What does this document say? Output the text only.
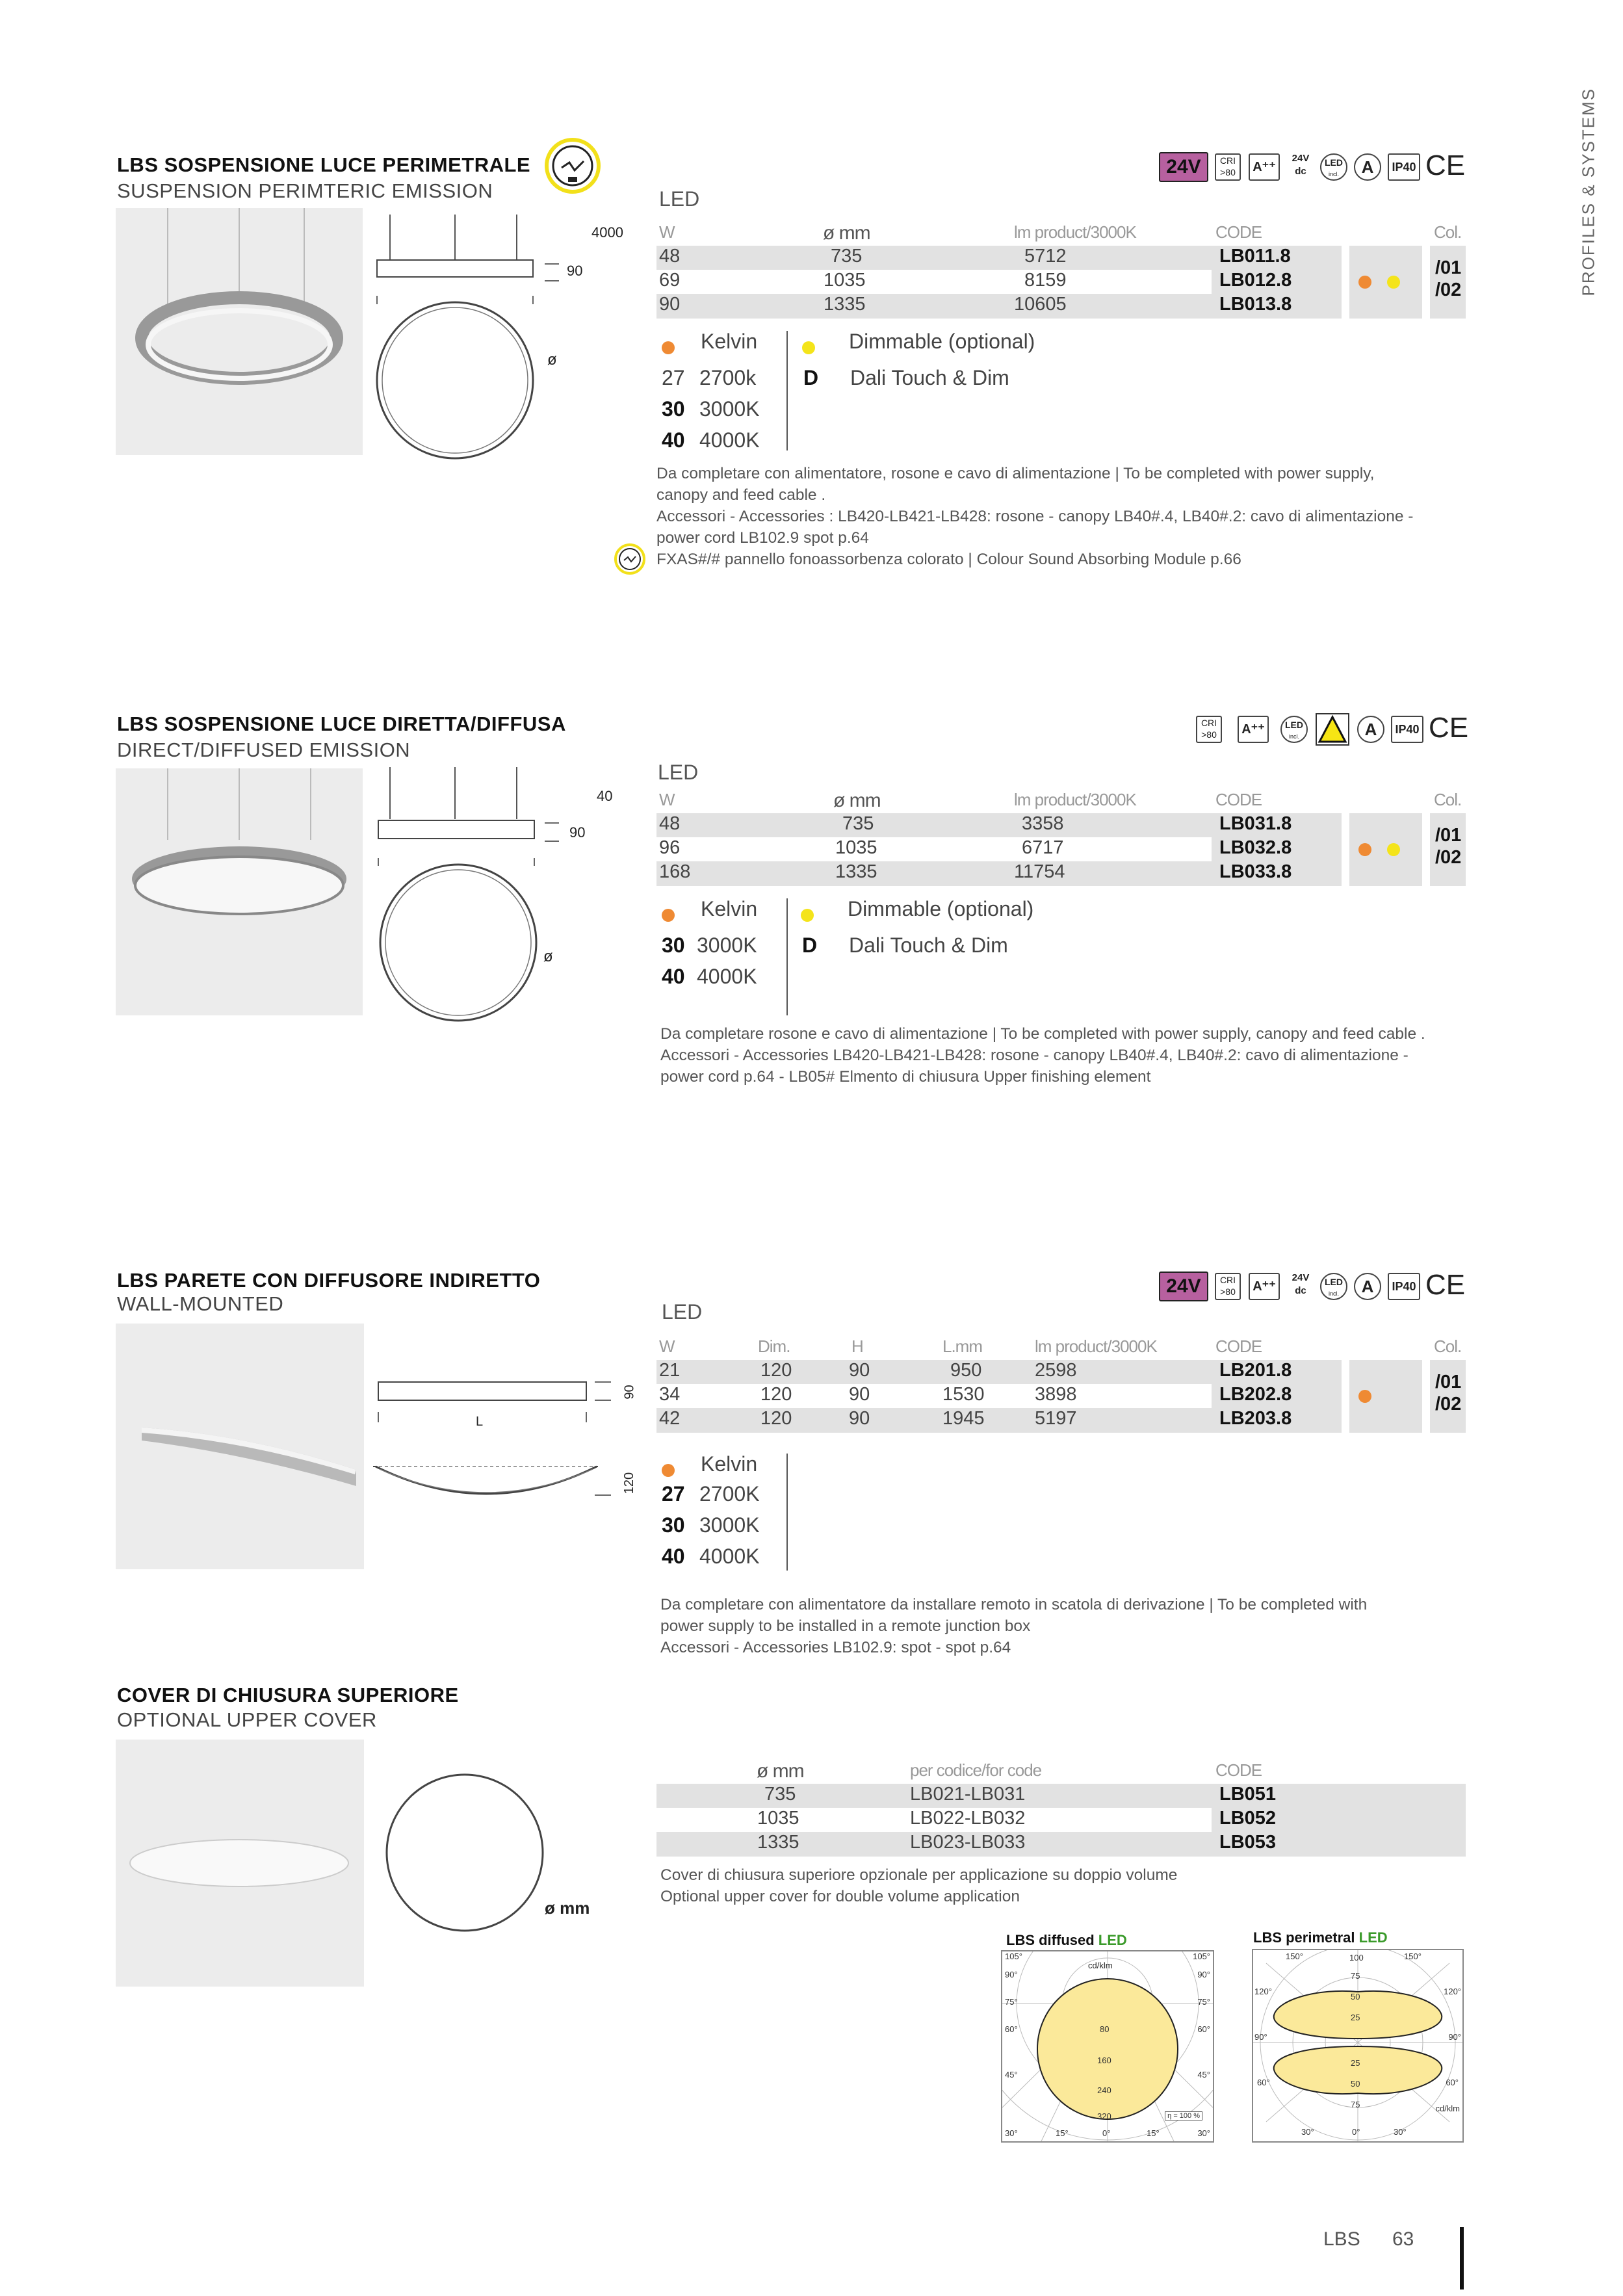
PROFILES & SYSTEMS
LBS SOSPENSIONE LUCE PERIMETRALE
SUSPENSION PERIMTERIC EMISSION
4000
90
ø
24V	CRI
>80	A⁺⁺
24V
dc
LED
incl.	A	IP40 CE
LED
W	ø mm	lm product/3000K	CODE	Col.
48	735	5712	LB011.8
69	1035	8159	LB012.8
90	1335	10605	LB013.8
/01
/02
Kelvin
27 2700k
30 3000K
40 4000K
Dimmable (optional)
D Dali Touch & Dim
Da completare con alimentatore, rosone e cavo di alimentazione | To be completed with power supply,
canopy and feed cable .
Accessori - Accessories : LB420-LB421-LB428: rosone - canopy LB40#.4, LB40#.2: cavo di alimentazione -
power cord LB102.9 spot p.64
FXAS#/# pannello fonoassorbenza colorato | Colour Sound Absorbing Module p.66
LBS SOSPENSIONE LUCE DIRETTA/DIFFUSA
DIRECT/DIFFUSED EMISSION
40
90
ø
CRI
>80	A⁺⁺	LED
incl.	A	IP40 CE
LED
W	ø mm	lm product/3000K	CODE	Col.
48	735	3358	LB031.8
96	1035	6717	LB032.8
168	1335	11754	LB033.8
/01
/02
Kelvin
30 3000K
40 4000K
Dimmable (optional)
D Dali Touch & Dim
Da completare rosone e cavo di alimentazione | To be completed with power supply, canopy and feed cable .
Accessori - Accessories LB420-LB421-LB428: rosone - canopy LB40#.4, LB40#.2: cavo di alimentazione -
power cord p.64 - LB05# Elmento di chiusura Upper finishing element
LBS PARETE CON DIFFUSORE INDIRETTO
WALL-MOUNTED
L
90
120
24V	CRI
>80	A⁺⁺
24V
dc
LED
incl.	A	IP40 CE
LED
W	Dim.	H	L.mm	lm product/3000K	CODE	Col.
21	120	90	950	2598	LB201.8
34	120	90	1530	3898	LB202.8
42	120	90	1945	5197	LB203.8
/01
/02
Kelvin
27 2700K
30 3000K
40 4000K
Da completare con alimentatore da installare remoto in scatola di derivazione | To be completed with
power supply to be installed in a remote junction box
Accessori - Accessories LB102.9: spot - spot p.64
COVER DI CHIUSURA SUPERIORE
OPTIONAL UPPER COVER
ø mm
ø mm	per codice/for code	CODE
735	LB021-LB031	LB051
1035	LB022-LB032	LB052
1335	LB023-LB033	LB053
Cover di chiusura superiore opzionale per applicazione su doppio volume
Optional upper cover for double volume application
LBS diffused LED
cd/klm
105°
90°
75°
60°
45°
105°
90°
75°
60°
45°
80
160
240
320	η = 100 %
30°	15°	0°	15°	30°
LBS perimetral LED
150°	100	150°
120°
90°
60°
120°
90°
60°
75
50
25
25
50
75	cd/klm
30°	0°	30°
LBS 63
